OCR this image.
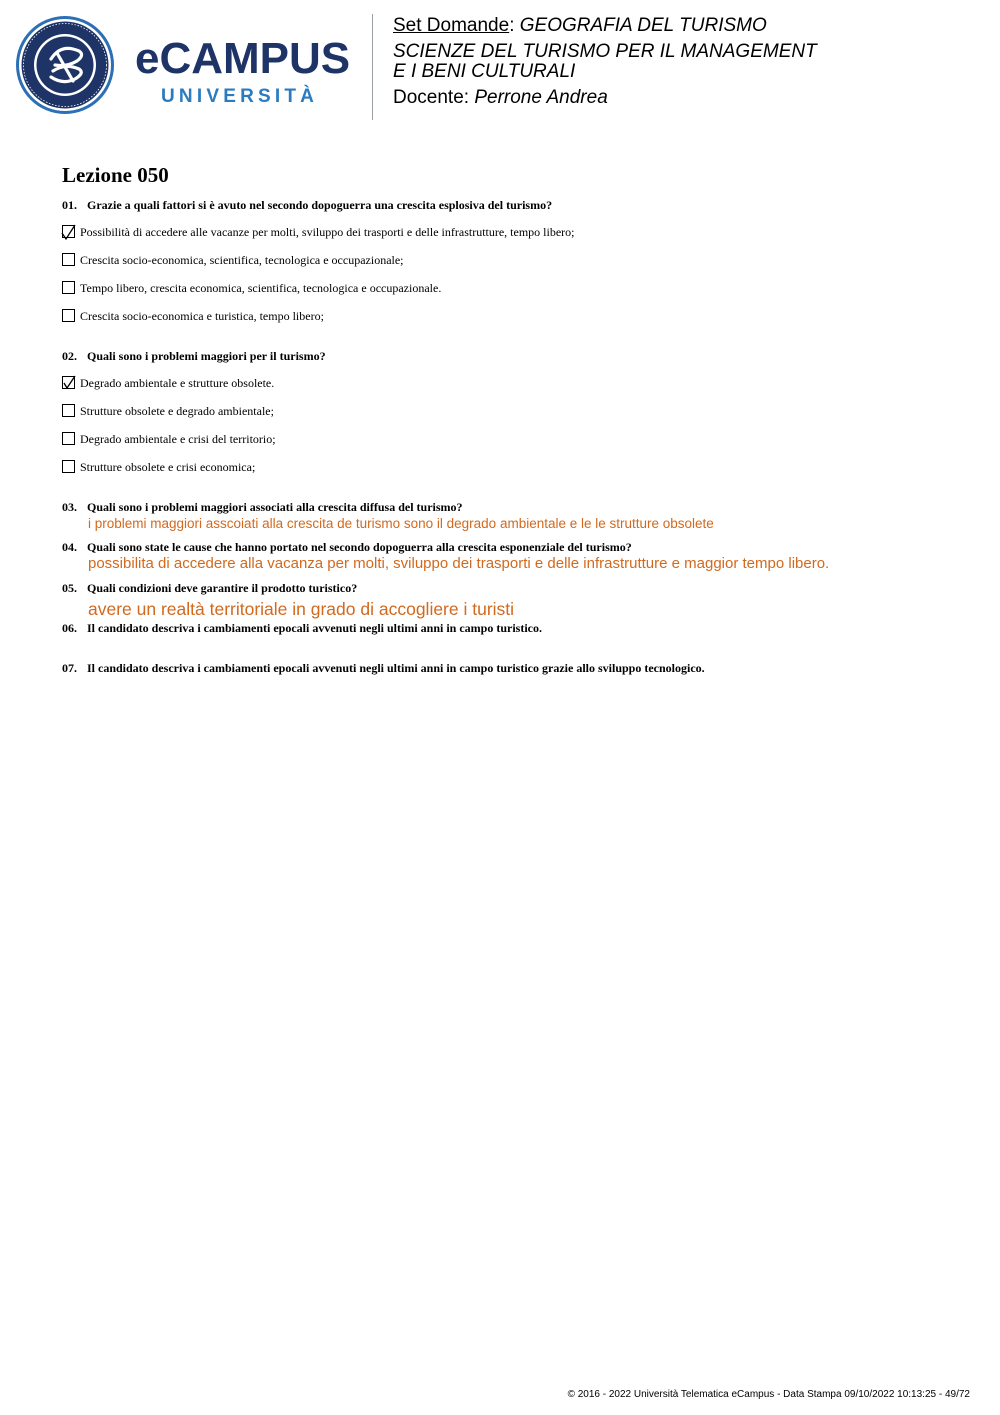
eCAMPUS
UNIVERSITÀ
Set Domande: GEOGRAFIA DEL TURISMO
SCIENZE DEL TURISMO PER IL MANAGEMENT
E I BENI CULTURALI
Docente: Perrone Andrea
Lezione 050
01. Grazie a quali fattori si è avuto nel secondo dopoguerra una crescita esplosiva del turismo?
Possibilità di accedere alle vacanze per molti, sviluppo dei trasporti e delle infrastrutture, tempo libero;
Crescita socio-economica, scientifica, tecnologica e occupazionale;
Tempo libero, crescita economica, scientifica, tecnologica e occupazionale.
Crescita socio-economica e turistica, tempo libero;
02. Quali sono i problemi maggiori per il turismo?
Degrado ambientale e strutture obsolete.
Strutture obsolete e degrado ambientale;
Degrado ambientale e crisi del territorio;
Strutture obsolete e crisi economica;
03. Quali sono i problemi maggiori associati alla crescita diffusa del turismo?
i problemi maggiori asscoiati alla crescita de turismo sono il degrado ambientale e le le strutture obsolete
04. Quali sono state le cause che hanno portato nel secondo dopoguerra alla crescita esponenziale del turismo?
possibilita di accedere alla vacanza per molti, sviluppo dei trasporti e delle infrastrutture e maggior tempo libero.
05. Quali condizioni deve garantire il prodotto turistico?
avere un realtà territoriale in grado di accogliere i turisti
06. Il candidato descriva i cambiamenti epocali avvenuti negli ultimi anni in campo turistico.
07. Il candidato descriva i cambiamenti epocali avvenuti negli ultimi anni in campo turistico grazie allo sviluppo tecnologico.
© 2016 - 2022 Università Telematica eCampus - Data Stampa 09/10/2022 10:13:25 - 49/72
